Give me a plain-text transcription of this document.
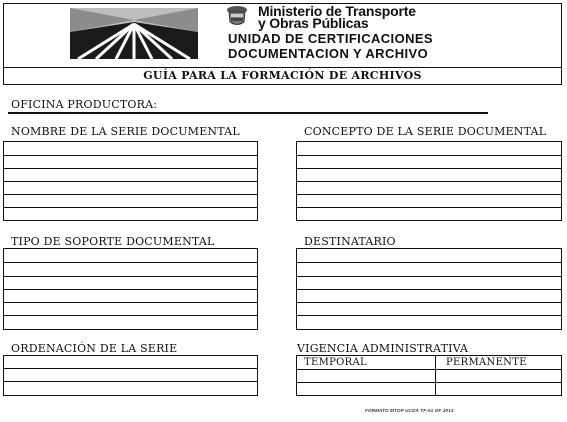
Ministerio de Transporte
y Obras Públicas
UNIDAD DE CERTIFICACIONES
DOCUMENTACION Y ARCHIVO
GUÍA PARA LA FORMACIÓN DE ARCHIVOS
OFICINA PRODUCTORA:
NOMBRE DE LA SERIE DOCUMENTAL	CONCEPTO DE LA SERIE DOCUMENTAL
TIPO DE SOPORTE DOCUMENTAL	DESTINATARIO
ORDENACIÓN DE LA SERIE	VIGENCIA ADMINISTRATIVA
TEMPORAL	PERMANENTE
FORMATO MTOP UCDA TF-01 OF 2013
